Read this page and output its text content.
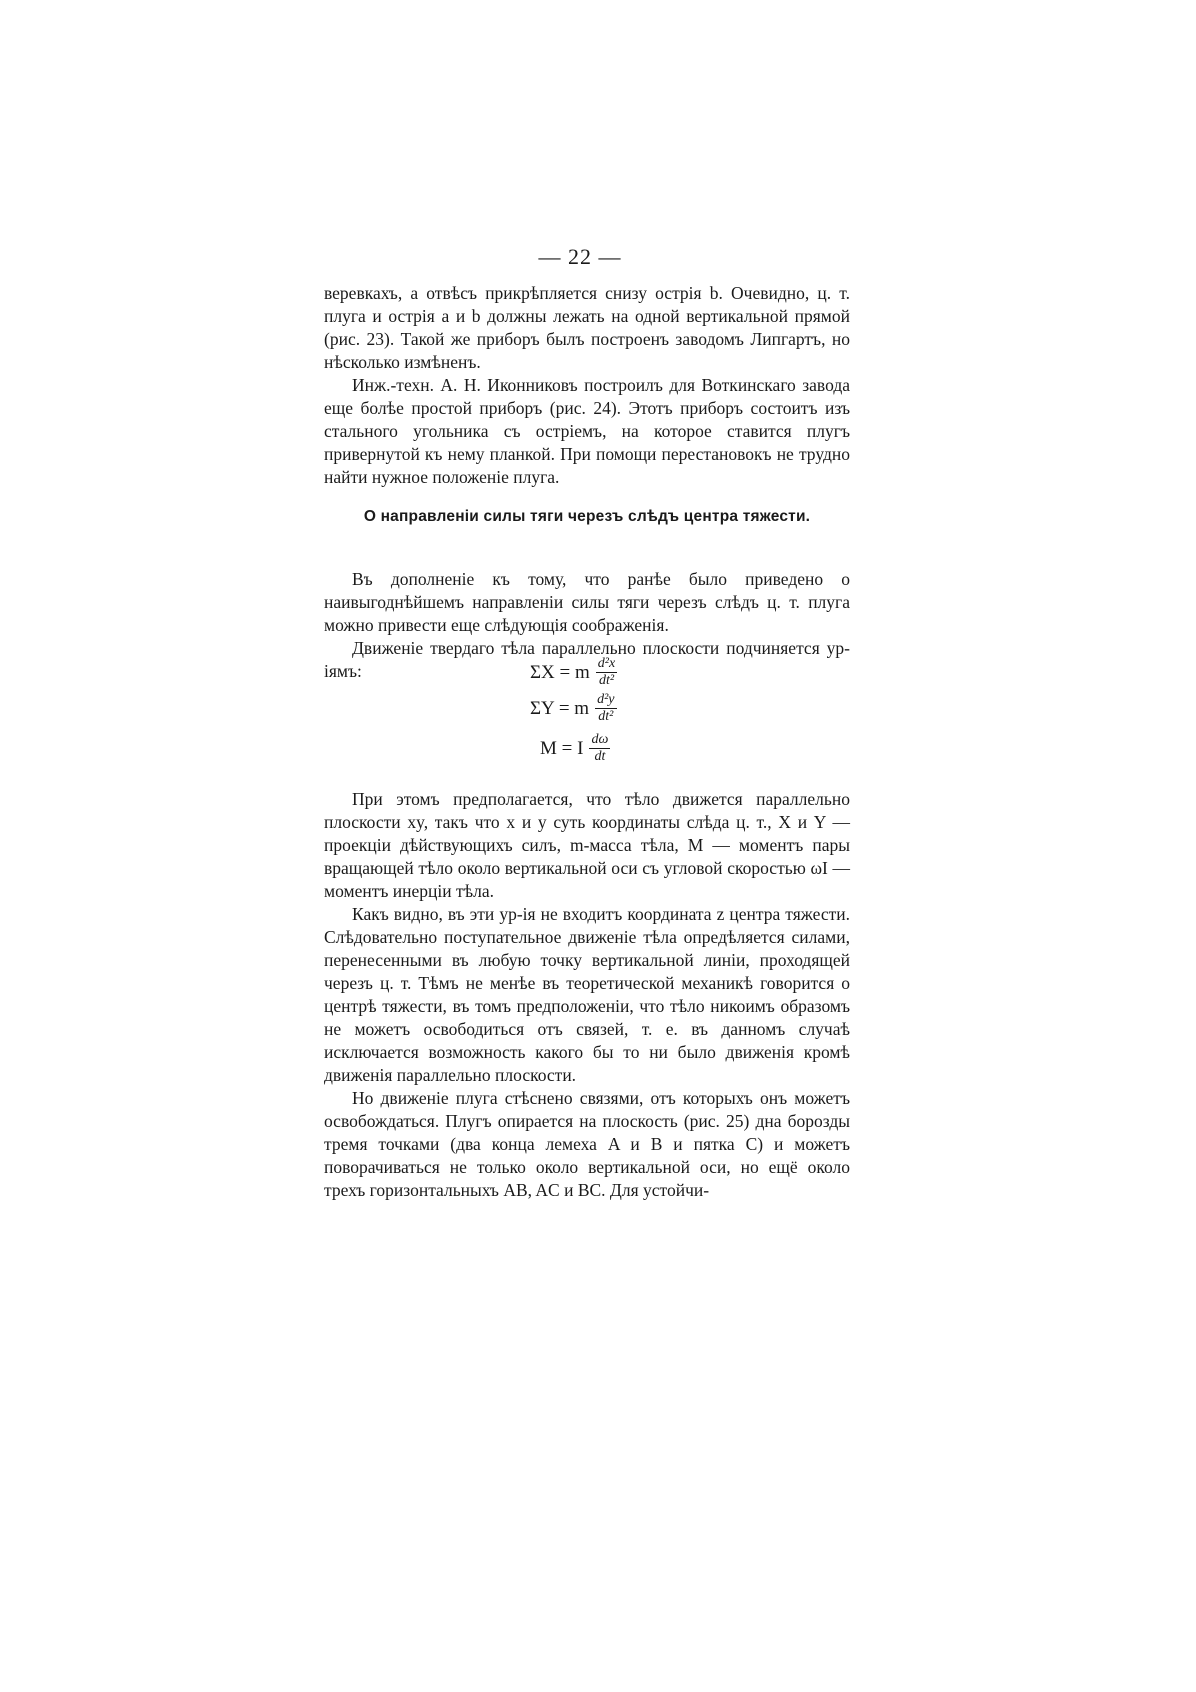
— 22 —

веревкахъ, а отвѣсъ прикрѣпляется снизу острія b. Очевидно, ц. т. плуга и острія a и b должны лежать на одной вертикальной прямой (рис. 23). Такой же приборъ былъ построенъ заводомъ Липгартъ, но нѣсколько измѣненъ.

Инж.-техн. А. Н. Иконниковъ построилъ для Воткинскаго завода еще болѣе простой приборъ (рис. 24). Этотъ приборъ состоитъ изъ стального угольника съ остріемъ, на которое ставится плугъ привернутой къ нему планкой. При помощи перестановокъ не трудно найти нужное положеніе плуга.

О направленіи силы тяги черезъ слѣдъ центра тяжести.

Въ дополненіе къ тому, что ранѣе было приведено о наивыгоднѣйшемъ направленіи силы тяги черезъ слѣдъ ц. т. плуга можно привести еще слѣдующія соображенія.

Движеніе твердаго тѣла параллельно плоскости подчиняется ур-іямъ:	ΣX = m $\frac{\text{d²x}}{\text{dt²}}$
ΣY = m $\frac{\text{d²y}}{\text{dt²}}$
M = I $\frac{d\omega}{dt}$

При этомъ предполагается, что тѣло движется параллельно плоскости xy, такъ что x и y суть координаты слѣда ц. т., X и Y — проекціи дѣйствующихъ силъ, m-масса тѣла, M — моментъ пары вращающей тѣло около вертикальной оси съ угловой скоростью ωI — моментъ инерціи тѣла.

Какъ видно, въ эти ур-ія не входитъ координата z центра тяжести. Слѣдовательно поступательное движеніе тѣла опредѣляется силами, перенесенными въ любую точку вертикальной линіи, проходящей черезъ ц. т. Тѣмъ не менѣе въ теоретической механикѣ говорится о центрѣ тяжести, въ томъ предположеніи, что тѣло никоимъ образомъ не можетъ освободиться отъ связей, т. е. въ данномъ случаѣ исключается возможность какого бы то ни было движенія кромѣ движенія параллельно плоскости.

Но движеніе плуга стѣснено связями, отъ которыхъ онъ можетъ освобождаться. Плугъ опирается на плоскость (рис. 25) дна борозды тремя точками (два конца лемеха A и B и пятка C) и можетъ поворачиваться не только около вертикальной оси, но ещё около трехъ горизонтальныхъ AB, AC и BC. Для устойчи-
